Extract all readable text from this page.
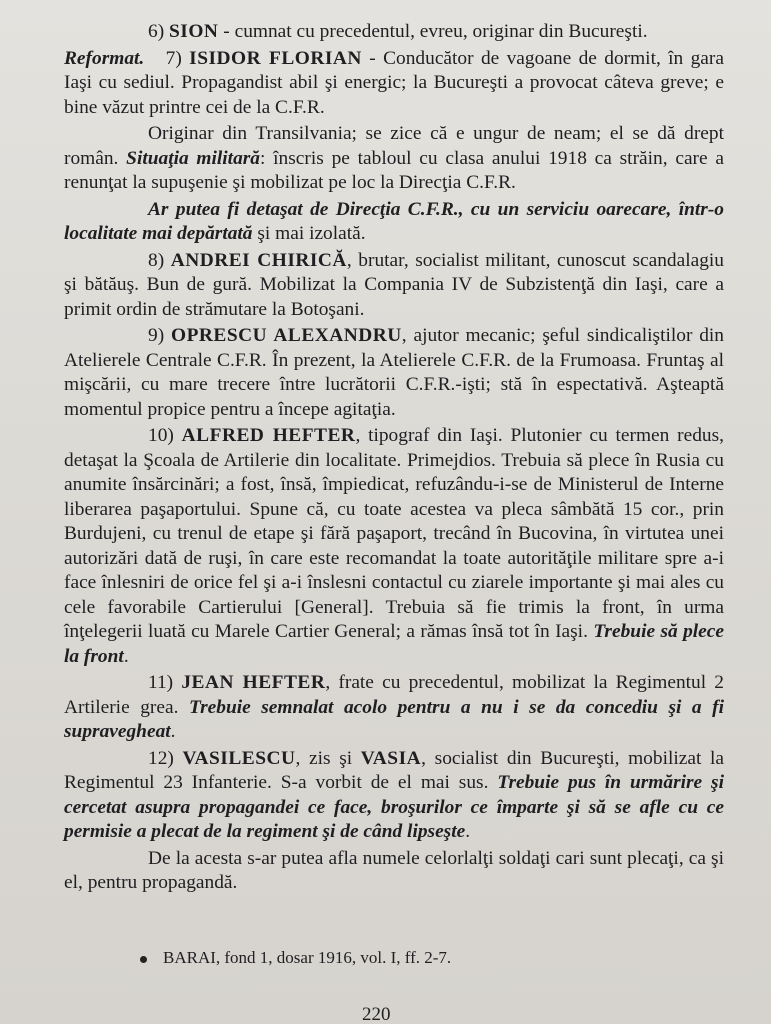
6) SION - cumnat cu precedentul, evreu, originar din Bucureşti.

Reformat. 7) ISIDOR FLORIAN - Conducător de vagoane de dormit, în gara Iaşi cu sediul. Propagandist abil şi energic; la Bucureşti a provocat câteva greve; e bine văzut printre cei de la C.F.R.

Originar din Transilvania; se zice că e ungur de neam; el se dă drept român. Situaţia militară: înscris pe tabloul cu clasa anului 1918 ca străin, care a renunţat la supuşenie şi mobilizat pe loc la Direcţia C.F.R.

Ar putea fi detaşat de Direcţia C.F.R., cu un serviciu oarecare, într-o localitate mai depărtată şi mai izolată.

8) ANDREI CHIRICĂ, brutar, socialist militant, cunoscut scandalagiu şi bătăuş. Bun de gură. Mobilizat la Compania IV de Subzistenţă din Iaşi, care a primit ordin de strămutare la Botoşani.

9) OPRESCU ALEXANDRU, ajutor mecanic; şeful sindicaliştilor din Atelierele Centrale C.F.R. În prezent, la Atelierele C.F.R. de la Frumoasa. Fruntaş al mişcării, cu mare trecere între lucrătorii C.F.R.-işti; stă în espectativă. Aşteaptă momentul propice pentru a începe agitaţia.

10) ALFRED HEFTER, tipograf din Iaşi. Plutonier cu termen redus, detaşat la Şcoala de Artilerie din localitate. Primejdios. Trebuia să plece în Rusia cu anumite însărcinări; a fost, însă, împiedicat, refuzându-i-se de Ministerul de Interne liberarea paşaportului. Spune că, cu toate acestea va pleca sâmbătă 15 cor., prin Burdujeni, cu trenul de etape şi fără paşaport, trecând în Bucovina, în virtutea unei autorizări dată de ruşi, în care este recomandat la toate autorităţile militare spre a-i face înlesniri de orice fel şi a-i înslesni contactul cu ziarele importante şi mai ales cu cele favorabile Cartierului [General]. Trebuia să fie trimis la front, în urma înţelegerii luată cu Marele Cartier General; a rămas însă tot în Iaşi. Trebuie să plece la front.

11) JEAN HEFTER, frate cu precedentul, mobilizat la Regimentul 2 Artilerie grea. Trebuie semnalat acolo pentru a nu i se da concediu şi a fi supravegheat.

12) VASILESCU, zis şi VASIA, socialist din Bucureşti, mobilizat la Regimentul 23 Infanterie. S-a vorbit de el mai sus. Trebuie pus în urmărire şi cercetat asupra propagandei ce face, broşurilor ce împarte şi să se afle cu ce permisie a plecat de la regiment şi de când lipseşte.

De la acesta s-ar putea afla numele celorlalţi soldaţi cari sunt plecaţi, ca şi el, pentru propagandă.

BARAI, fond 1, dosar 1916, vol. I, ff. 2-7.
220
